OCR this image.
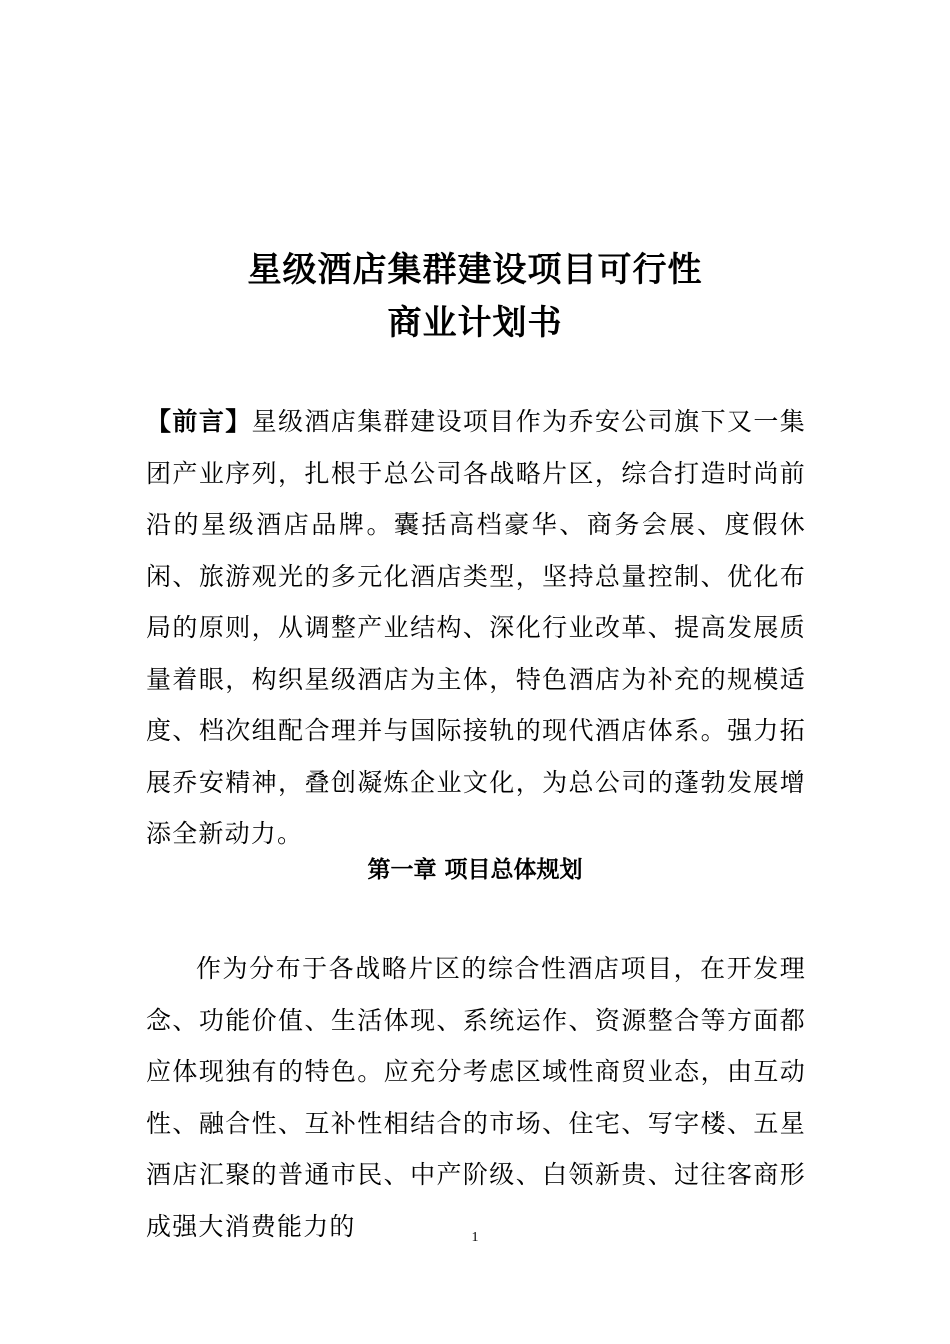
星级酒店集群建设项目可行性
商业计划书

【前言】星级酒店集群建设项目作为乔安公司旗下又一集团产业序列，扎根于总公司各战略片区，综合打造时尚前沿的星级酒店品牌。囊括高档豪华、商务会展、度假休闲、旅游观光的多元化酒店类型，坚持总量控制、优化布局的原则，从调整产业结构、深化行业改革、提高发展质量着眼，构织星级酒店为主体，特色酒店为补充的规模适度、档次组配合理并与国际接轨的现代酒店体系。强力拓展乔安精神，叠创凝炼企业文化，为总公司的蓬勃发展增添全新动力。

第一章 项目总体规划

作为分布于各战略片区的综合性酒店项目，在开发理念、功能价值、生活体现、系统运作、资源整合等方面都应体现独有的特色。应充分考虑区域性商贸业态，由互动性、融合性、互补性相结合的市场、住宅、写字楼、五星酒店汇聚的普通市民、中产阶级、白领新贵、过往客商形成强大消费能力的	1
